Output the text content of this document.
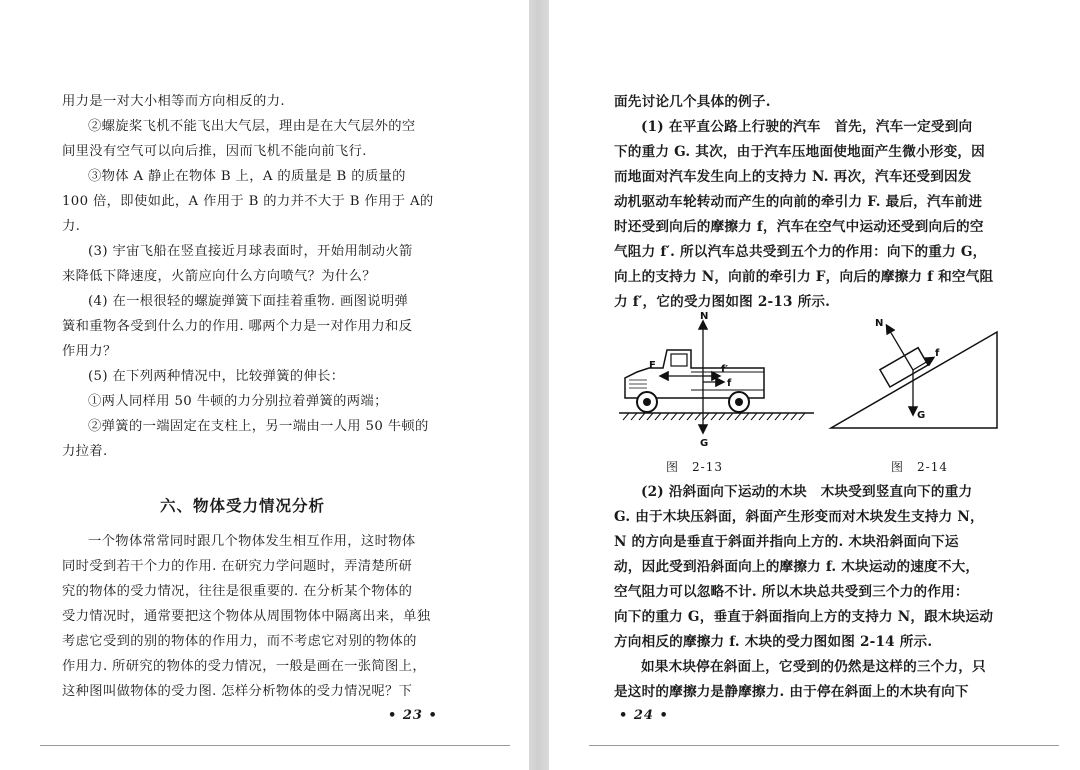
用力是一对大小相等而方向相反的力.
②螺旋桨飞机不能飞出大气层，理由是在大气层外的空
间里没有空气可以向后推，因而飞机不能向前飞行.
③物体 A 静止在物体 B 上，A 的质量是 B 的质量的
100 倍，即使如此，A 作用于 B 的力并不大于 B 作用于 A的
力.
(3) 宇宙飞船在竖直接近月球表面时，开始用制动火箭
来降低下降速度，火箭应向什么方向喷气？为什么？
(4) 在一根很轻的螺旋弹簧下面挂着重物. 画图说明弹
簧和重物各受到什么力的作用. 哪两个力是一对作用力和反
作用力？
(5) 在下列两种情况中，比较弹簧的伸长：
①两人同样用 50 牛顿的力分别拉着弹簧的两端；
②弹簧的一端固定在支柱上，另一端由一人用 50 牛顿的
力拉着.
六、物体受力情况分析
一个物体常常同时跟几个物体发生相互作用，这时物体
同时受到若干个力的作用. 在研究力学问题时，弄清楚所研
究的物体的受力情况，往往是很重要的. 在分析某个物体的
受力情况时，通常要把这个物体从周围物体中隔离出来，单独
考虑它受到的别的物体的作用力，而不考虑它对别的物体的
作用力. 所研究的物体的受力情况，一般是画在一张简图上，
这种图叫做物体的受力图. 怎样分析物体的受力情况呢？下
• 23 •
面先讨论几个具体的例子.
(1) 在平直公路上行驶的汽车　首先，汽车一定受到向
下的重力 G. 其次，由于汽车压地面使地面产生微小形变，因
而地面对汽车发生向上的支持力 N. 再次，汽车还受到因发
动机驱动车轮转动而产生的向前的牵引力 F. 最后，汽车前进
时还受到向后的摩擦力 f，汽车在空气中运动还受到向后的空
气阻力 f′. 所以汽车总共受到五个力的作用：向下的重力 G，
向上的支持力 N，向前的牵引力 F，向后的摩擦力 f 和空气阻
力 f′，它的受力图如图 2-13 所示.
N
G
F	f′
f
图　2-13
N
G
f
图　2-14
(2) 沿斜面向下运动的木块　木块受到竖直向下的重力
G. 由于木块压斜面，斜面产生形变而对木块发生支持力 N，
N 的方向是垂直于斜面并指向上方的. 木块沿斜面向下运
动，因此受到沿斜面向上的摩擦力 f. 木块运动的速度不大，
空气阻力可以忽略不计. 所以木块总共受到三个力的作用：
向下的重力 G，垂直于斜面指向上方的支持力 N，跟木块运动
方向相反的摩擦力 f. 木块的受力图如图 2-14 所示.
如果木块停在斜面上，它受到的仍然是这样的三个力，只
是这时的摩擦力是静摩擦力. 由于停在斜面上的木块有向下
• 24 •
